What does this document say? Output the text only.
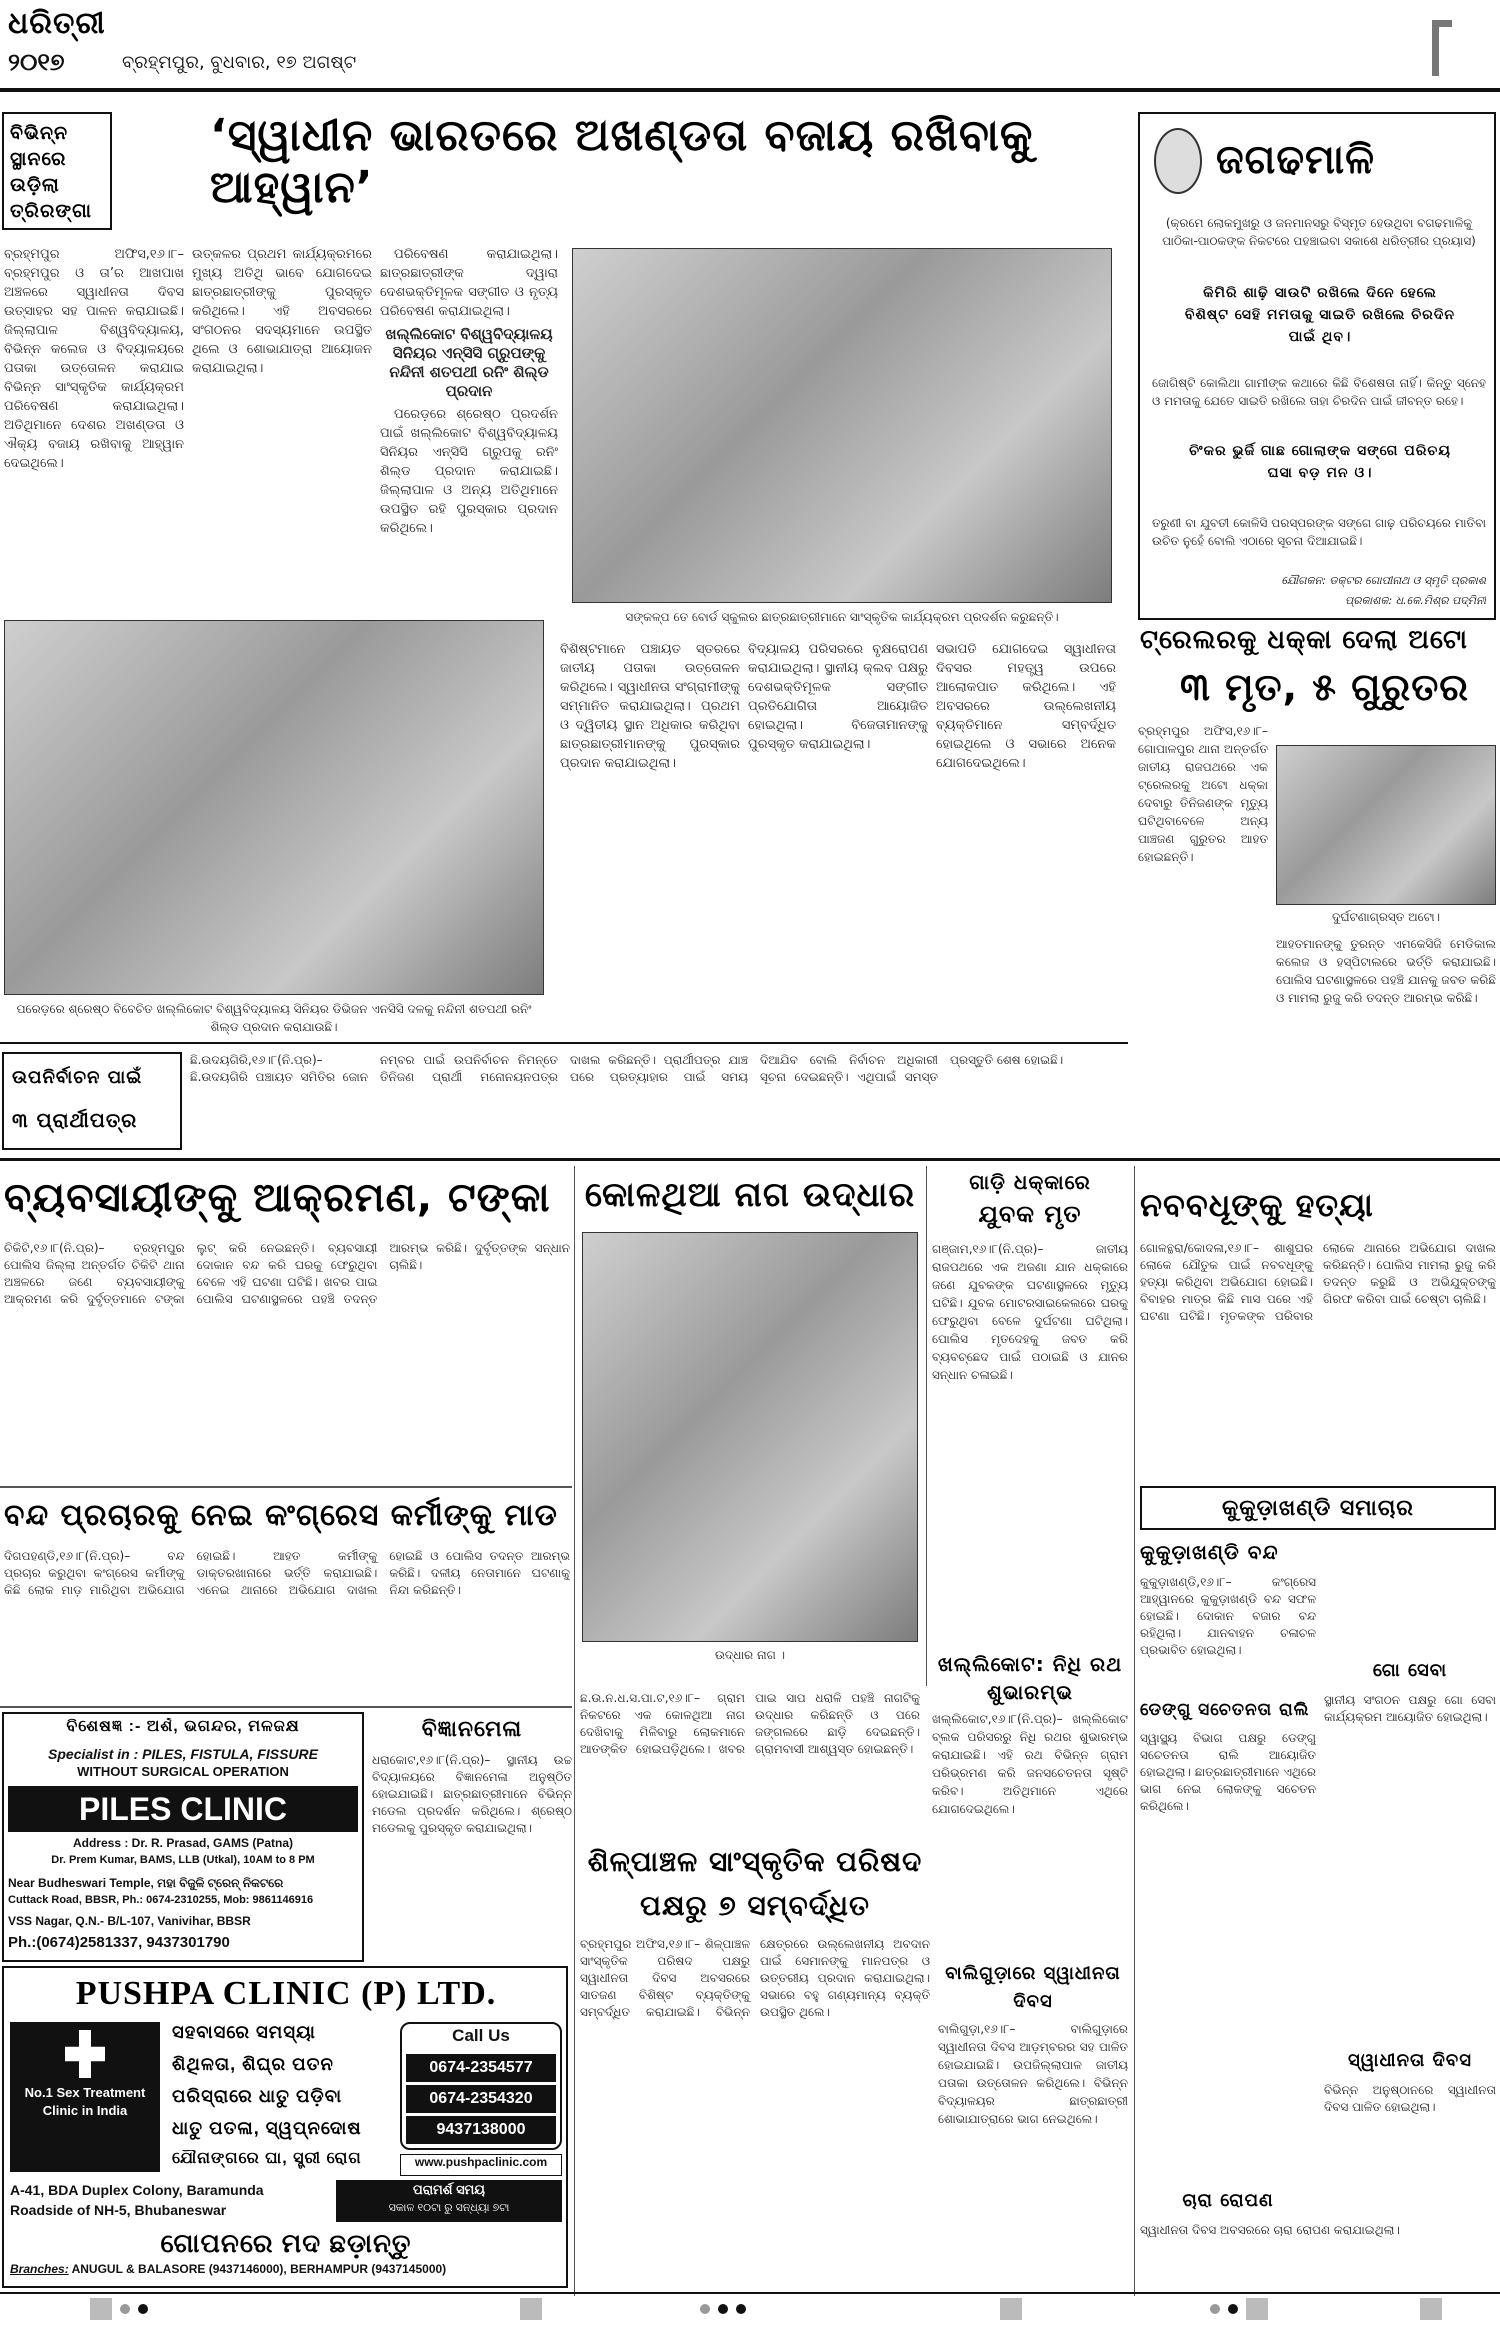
ଧରିତ୍ରୀ
୨୦୧୭	ବ୍ରହ୍ମପୁର, ବୁଧବାର, ୧୭ ଅଗଷ୍ଟ
ବିଭିନ୍ନ ସ୍ଥାନରେ ଉଡ଼ିଲା ତ୍ରିରଙ୍ଗା
‘ସ୍ୱାଧୀନ ଭାରତରେ ଅଖଣ୍ଡତା ବଜାୟ ରଖିବାକୁ ଆହ୍ୱାନ’
ବ୍ରହ୍ମପୁର ଅଫିସ,୧୬।୮– ବ୍ରହ୍ମପୁର ଓ ତା’ର ଆଖପାଖ ଅଞ୍ଚଳରେ ସ୍ୱାଧୀନତା ଦିବସ ଉତ୍ସାହର ସହ ପାଳନ କରାଯାଇଛି। ଜିଲ୍ଲାପାଳ ବିଶ୍ୱବିଦ୍ୟାଳୟ, ବିଭିନ୍ନ କଲେଜ ଓ ବିଦ୍ୟାଳୟରେ ପତାକା ଉତ୍ତୋଳନ କରାଯାଇ ବିଭିନ୍ନ ସାଂସ୍କୃତିକ କାର୍ଯ୍ୟକ୍ରମ ପରିବେଷଣ କରାଯାଇଥିଲା। ଅତିଥିମାନେ ଦେଶର ଅଖଣ୍ଡତା ଓ ଐକ୍ୟ ବଜାୟ ରଖିବାକୁ ଆହ୍ୱାନ ଦେଇଥିଲେ।
ଉତ୍କଳର ପ୍ରଥମ କାର୍ଯ୍ୟକ୍ରମରେ ମୁଖ୍ୟ ଅତିଥି ଭାବେ ଯୋଗଦେଇ ଛାତ୍ରଛାତ୍ରୀଙ୍କୁ ପୁରସ୍କୃତ କରିଥିଲେ। ଏହି ଅବସରରେ ସଂଗଠନର ସଦସ୍ୟମାନେ ଉପସ୍ଥିତ ଥିଲେ ଓ ଶୋଭାଯାତ୍ରା ଆୟୋଜନ କରାଯାଇଥିଲା।

ପରିବେଷଣ କରାଯାଇଥିଲା। ଛାତ୍ରଛାତ୍ରୀଙ୍କ ଦ୍ୱାରା ଦେଶଭକ୍ତିମୂଳକ ସଙ୍ଗୀତ ଓ ନୃତ୍ୟ ପରିବେଷଣ କରାଯାଇଥିଲା।

ଖଲ୍ଲିକୋଟ ବିଶ୍ୱବିଦ୍ୟାଳୟ ସିନିୟର ଏନ୍‌ସିସି ଗ୍ରୁପଙ୍କୁ ନନ୍ଦିନୀ ଶତପଥୀ ରନିଂ ଶିଲ୍ଡ ପ୍ରଦାନ

ପରେଡ଼ରେ ଶ୍ରେଷ୍ଠ ପ୍ରଦର୍ଶନ ପାଇଁ ଖଲ୍ଲିକୋଟ ବିଶ୍ୱବିଦ୍ୟାଳୟ ସିନିୟର ଏନ୍‌ସିସି ଗ୍ରୁପକୁ ରନିଂ ଶିଲ୍ଡ ପ୍ରଦାନ କରାଯାଇଛି। ଜିଲ୍ଲାପାଳ ଓ ଅନ୍ୟ ଅତିଥିମାନେ ଉପସ୍ଥିତ ରହି ପୁରସ୍କାର ପ୍ରଦାନ କରିଥିଲେ।

ସଙ୍କଳ୍ପ ତେ ବୋର୍ଡ ସ୍କୁଲର ଛାତ୍ରଛାତ୍ରୀମାନେ ସାଂସ୍କୃତିକ କାର୍ଯ୍ୟକ୍ରମ ପ୍ରଦର୍ଶନ କରୁଛନ୍ତି।
ପରେଡ଼ରେ ଶ୍ରେଷ୍ଠ ବିବେଚିତ ଖଲ୍ଲିକୋଟ ବିଶ୍ୱବିଦ୍ୟାଳୟ ସିନିୟର ଡିଭିଜନ ଏନସିସି ଦଳକୁ ନନ୍ଦିନୀ ଶତପଥୀ ରନିଂ ଶିଲ୍ଡ ପ୍ରଦାନ କରାଯାଉଛି।
ବିଶିଷ୍ଟମାନେ ପଞ୍ଚାୟତ ସ୍ତରରେ ଜାତୀୟ ପତାକା ଉତ୍ତୋଳନ କରିଥିଲେ। ସ୍ୱାଧୀନତା ସଂଗ୍ରାମୀଙ୍କୁ ସମ୍ମାନିତ କରାଯାଇଥିଲା। ପ୍ରଥମ ଓ ଦ୍ୱିତୀୟ ସ୍ଥାନ ଅଧିକାର କରିଥିବା ଛାତ୍ରଛାତ୍ରୀମାନଙ୍କୁ ପୁରସ୍କାର ପ୍ରଦାନ କରାଯାଇଥିଲା।
ବିଦ୍ୟାଳୟ ପରିସରରେ ବୃକ୍ଷରୋପଣ କରାଯାଇଥିଲା। ସ୍ଥାନୀୟ କ୍ଲବ ପକ୍ଷରୁ ଦେଶଭକ୍ତିମୂଳକ ସଙ୍ଗୀତ ପ୍ରତିଯୋଗିତା ଆୟୋଜିତ ହୋଇଥିଲା। ବିଜେତାମାନଙ୍କୁ ପୁରସ୍କୃତ କରାଯାଇଥିଲା।
ସଭାପତି ଯୋଗଦେଇ ସ୍ୱାଧୀନତା ଦିବସର ମହତ୍ତ୍ୱ ଉପରେ ଆଲୋକପାତ କରିଥିଲେ। ଏହି ଅବସରରେ ଉଲ୍ଲେଖନୀୟ ବ୍ୟକ୍ତିମାନେ ସମ୍ବର୍ଦ୍ଧିତ ହୋଇଥିଲେ ଓ ସଭାରେ ଅନେକ ଯୋଗଦେଇଥିଲେ।
ଜଗଢମାଳି
(କ୍ରମେ ଲୋକମୁଖରୁ ଓ ଜନମାନସରୁ ବିସ୍ମୃତ ହେଉଥିବା ବଗଢମାଳିକୁ ପାଠିକା-ପାଠକଙ୍କ ନିକଟରେ ପହଞ୍ଚାଇବା ସକାଶେ ଧରିତ୍ରୀର ପ୍ରୟାସ)
କିମିରି ଶାଢ଼ି ସାଉଟି ରଖିଲେ ଦିନେ ହେଲେ ବିଶିଷ୍ଟ ସେହି ମମତାକୁ ସାଇତି ରଖିଲେ ଚିରଦିନ ପାଇଁ ଥିବ।
ଜୋଗିଷ୍ଟି କୋଲିଥା ଗାମୀଙ୍କ କଥାରେ କିଛି ବିଶେଷତା ନାହିଁ। କିନ୍ତୁ ସ୍ନେହ ଓ ମମତାକୁ ଯେତେ ସାଇତି ରଖିଲେ ତାହା ଚିରଦିନ ପାଇଁ ଜୀବନ୍ତ ରହେ।
ଚିଂକର ଭୁର୍ଜି ଗାଛ ଗୋଲାଙ୍କ ସଙ୍ଗେ ପରିଚୟ ଘସା ବଡ଼ ମନ ଓ।
ତରୁଣୀ ବା ଯୁବତୀ କୋଳିସି ପରସ୍ପରଙ୍କ ସଙ୍ଗେ ଗାଢ଼ ପରିଚୟରେ ମାତିବା ଉଚିତ ନୁହେଁ ବୋଲି ଏଠାରେ ସୂଚନା ଦିଆଯାଇଛି।
ଯୌଗକନ: ଡକ୍ଟର ଗୋପୀନାଥ ଓ ସ୍ମୃତି ପ୍ରକାଶ
ପ୍ରକାଶକ: ଧ.କେ.ମିଶ୍ର ପଦ୍ମିନୀ
ଟ୍ରେଲରକୁ ଧକ୍କା ଦେଲା ଅଟୋ
୩ ମୃତ, ୫ ଗୁରୁତର
ବ୍ରହ୍ମପୁର ଅଫିସ,୧୬।୮– ଗୋପାଳପୁର ଥାନା ଅନ୍ତର୍ଗତ ଜାତୀୟ ରାଜପଥରେ ଏକ ଟ୍ରେଲରକୁ ଅଟୋ ଧକ୍କା ଦେବାରୁ ତିନିଜଣଙ୍କ ମୃତ୍ୟୁ ଘଟିଥିବାବେଳେ ଅନ୍ୟ ପାଞ୍ଚଜଣ ଗୁରୁତର ଆହତ ହୋଇଛନ୍ତି।
ଦୁର୍ଘଟଣାଗ୍ରସ୍ତ ଅଟୋ।
ଆହତମାନଙ୍କୁ ତୁରନ୍ତ ଏମକେସିଜି ମେଡିକାଲ କଲେଜ ଓ ହସ୍ପିଟାଲରେ ଭର୍ତ୍ତି କରାଯାଇଛି। ପୋଲିସ ଘଟଣାସ୍ଥଳରେ ପହଞ୍ଚି ଯାନକୁ ଜବତ କରିଛି ଓ ମାମଲା ରୁଜୁ କରି ତଦନ୍ତ ଆରମ୍ଭ କରିଛି।
ଉପନିର୍ବାଚନ ପାଇଁ
୩ ପ୍ରାର୍ଥୀପତ୍ର
ଛି.ଉଦୟଗିରି,୧୬।୮(ନି.ପ୍ର)– ଛି.ଉଦୟଗିରି ପଞ୍ଚାୟତ ସମିତିର ଜୋନ ନମ୍ବର ପାଇଁ ଉପନିର୍ବାଚନ ନିମନ୍ତେ ତିନିଜଣ ପ୍ରାର୍ଥୀ ମନୋନୟନପତ୍ର ଦାଖଲ କରିଛନ୍ତି। ପ୍ରାର୍ଥୀପତ୍ର ଯାଞ୍ଚ ପରେ ପ୍ରତ୍ୟାହାର ପାଇଁ ସମୟ ଦିଆଯିବ ବୋଲି ନିର୍ବାଚନ ଅଧିକାରୀ ସୂଚନା ଦେଇଛନ୍ତି। ଏଥିପାଇଁ ସମସ୍ତ ପ୍ରସ୍ତୁତି ଶେଷ ହୋଇଛି।
ବ୍ୟବସାୟୀଙ୍କୁ ଆକ୍ରମଣ, ଟଙ୍କା
ଚିକିଟି,୧୬।୮(ନି.ପ୍ର)– ବ୍ରହ୍ମପୁର ପୋଲିସ ଜିଲ୍ଲା ଅନ୍ତର୍ଗତ ଚିକିଟି ଥାନା ଅଞ୍ଚଳରେ ଜଣେ ବ୍ୟବସାୟୀଙ୍କୁ ଆକ୍ରମଣ କରି ଦୁର୍ବୃତ୍ତମାନେ ଟଙ୍କା ଲୁଟ୍ କରି ନେଇଛନ୍ତି। ବ୍ୟବସାୟୀ ଦୋକାନ ବନ୍ଦ କରି ଘରକୁ ଫେରୁଥିବା ବେଳେ ଏହି ଘଟଣା ଘଟିଛି। ଖବର ପାଇ ପୋଲିସ ଘଟଣାସ୍ଥଳରେ ପହଞ୍ଚି ତଦନ୍ତ ଆରମ୍ଭ କରିଛି। ଦୁର୍ବୃତ୍ତଙ୍କ ସନ୍ଧାନ ଚାଲିଛି।
ବନ୍ଦ ପ୍ରଚାରକୁ ନେଇ କଂଗ୍ରେସ କର୍ମୀଙ୍କୁ ମାଡ
ଦିଗପହଣ୍ଡି,୧୬।୮(ନି.ପ୍ର)– ବନ୍ଦ ପ୍ରଚାର କରୁଥିବା କଂଗ୍ରେସ କର୍ମୀଙ୍କୁ କିଛି ଲୋକ ମାଡ଼ ମାରିଥିବା ଅଭିଯୋଗ ହୋଇଛି। ଆହତ କର୍ମୀଙ୍କୁ ଡାକ୍ତରଖାନାରେ ଭର୍ତ୍ତି କରାଯାଇଛି। ଏନେଇ ଥାନାରେ ଅଭିଯୋଗ ଦାଖଲ ହୋଇଛି ଓ ପୋଲିସ ତଦନ୍ତ ଆରମ୍ଭ କରିଛି। ଦଳୀୟ ନେତାମାନେ ଘଟଣାକୁ ନିନ୍ଦା କରିଛନ୍ତି।
ବିଶେଷଜ୍ଞ :- ଅର୍ଶ, ଭଗନ୍ଦର, ମଳଜକ୍ଷ
Specialist in : PILES, FISTULA, FISSURE
WITHOUT SURGICAL OPERATION
PILES CLINIC
Address : Dr. R. Prasad, GAMS (Patna)
Dr. Prem Kumar, BAMS, LLB (Utkal), 10AM to 8 PM
Near Budheswari Temple, ମହା ବିଜୁଳି ଟ୍ରେନ୍ ନିକଟରେ
Cuttack Road, BBSR, Ph.: 0674-2310255, Mob: 9861146916
VSS Nagar, Q.N.- B/L-107, Vanivihar, BBSR
Ph.:(0674)2581337, 9437301790
ବିଜ୍ଞାନମେଳା
ଧରାକୋଟ,୧୬।୮(ନି.ପ୍ର)– ସ୍ଥାନୀୟ ଉଚ୍ଚ ବିଦ୍ୟାଳୟରେ ବିଜ୍ଞାନମେଳା ଅନୁଷ୍ଠିତ ହୋଇଯାଇଛି। ଛାତ୍ରଛାତ୍ରୀମାନେ ବିଭିନ୍ନ ମଡେଲ ପ୍ରଦର୍ଶନ କରିଥିଲେ। ଶ୍ରେଷ୍ଠ ମଡେଲକୁ ପୁରସ୍କୃତ କରାଯାଇଥିଲା।
PUSHPA CLINIC (P) LTD.
No.1 Sex Treatment Clinic in India
ସହବାସରେ ସମସ୍ୟା
ଶିଥିଳତା, ଶିଘ୍ର ପତନ
ପରିସ୍ରାରେ ଧାତୁ ପଡ଼ିବା
ଧାତୁ ପତଳା, ସ୍ୱପ୍ନଦୋଷ
ଯୌନାଙ୍ଗରେ ଘା, ସ୍ତ୍ରୀ ରୋଗ
Call Us
0674-2354577
0674-2354320
9437138000
www.pushpaclinic.com
A-41, BDA Duplex Colony, Baramunda
Roadside of NH-5, Bhubaneswar
ପରାମର୍ଶ ସମୟ
ସକାଳ ୧୦ଟା ରୁ ସନ୍ଧ୍ୟା ୭ଟା
ଗୋପନରେ ମଦ ଛଡ଼ାନ୍ତୁ
Branches: ANUGUL & BALASORE (9437146000), BERHAMPUR (9437145000)
କୋଳଥିଆ ନାଗ ଉଦ୍ଧାର
ଉଦ୍ଧାର ନାଗ ।
ଛ.ଉ.ନ.ଧ.ସ.ପା.ଟ,୧୬।୮– ଗ୍ରାମ ନିକଟରେ ଏକ କୋଳଥିଆ ନାଗ ଦେଖିବାକୁ ମିଳିବାରୁ ଲୋକମାନେ ଆତଙ୍କିତ ହୋଇପଡ଼ିଥିଲେ। ଖବର ପାଇ ସାପ ଧରାଳି ପହଞ୍ଚି ନାଗଟିକୁ ଉଦ୍ଧାର କରିଛନ୍ତି ଓ ପରେ ଜଙ୍ଗଲରେ ଛାଡ଼ି ଦେଇଛନ୍ତି। ଗ୍ରାମବାସୀ ଆଶ୍ୱସ୍ତ ହୋଇଛନ୍ତି।
ଗାଡ଼ି ଧକ୍କାରେ
ଯୁବକ ମୃତ
ଗଞ୍ଜାମ,୧୬।୮(ନି.ପ୍ର)– ଜାତୀୟ ରାଜପଥରେ ଏକ ଅଜଣା ଯାନ ଧକ୍କାରେ ଜଣେ ଯୁବକଙ୍କ ଘଟଣାସ୍ଥଳରେ ମୃତ୍ୟୁ ଘଟିଛି। ଯୁବକ ମୋଟରସାଇକେଲରେ ଘରକୁ ଫେରୁଥିବା ବେଳେ ଦୁର୍ଘଟଣା ଘଟିଥିଲା। ପୋଲିସ ମୃତଦେହକୁ ଜବତ କରି ବ୍ୟବଚ୍ଛେଦ ପାଇଁ ପଠାଇଛି ଓ ଯାନର ସନ୍ଧାନ ଚଳାଇଛି।
ଖଲ୍ଲିକୋଟ: ନିଧି ରଥ ଶୁଭାରମ୍ଭ
ଖଲ୍ଲିକୋଟ,୧୬।୮(ନି.ପ୍ର)– ଖଲ୍ଲିକୋଟ ବ୍ଲକ ପରିସରରୁ ନିଧି ରଥର ଶୁଭାରମ୍ଭ କରାଯାଇଛି। ଏହି ରଥ ବିଭିନ୍ନ ଗ୍ରାମ ପରିଭ୍ରମଣ କରି ଜନସଚେତନତା ସୃଷ୍ଟି କରିବ। ଅତିଥିମାନେ ଏଥିରେ ଯୋଗଦେଇଥିଲେ।
ଶିଳ୍ପାଞ୍ଚଳ ସାଂସ୍କୃତିକ ପରିଷଦ ପକ୍ଷରୁ ୭ ସମ୍ବର୍ଦ୍ଧିତ
ବ୍ରହ୍ମପୁର ଅଫିସ,୧୬।୮– ଶିଳ୍ପାଞ୍ଚଳ ସାଂସ୍କୃତିକ ପରିଷଦ ପକ୍ଷରୁ ସ୍ୱାଧୀନତା ଦିବସ ଅବସରରେ ସାତଜଣ ବିଶିଷ୍ଟ ବ୍ୟକ୍ତିଙ୍କୁ ସମ୍ବର୍ଦ୍ଧିତ କରାଯାଇଛି। ବିଭିନ୍ନ କ୍ଷେତ୍ରରେ ଉଲ୍ଲେଖନୀୟ ଅବଦାନ ପାଇଁ ସେମାନଙ୍କୁ ମାନପତ୍ର ଓ ଉତ୍ତରୀୟ ପ୍ରଦାନ କରାଯାଇଥିଲା। ସଭାରେ ବହୁ ଗଣ୍ୟମାନ୍ୟ ବ୍ୟକ୍ତି ଉପସ୍ଥିତ ଥିଲେ।
ବାଲିଗୁଡ଼ାରେ ସ୍ୱାଧୀନତା ଦିବସ
ବାଲିଗୁଡ଼ା,୧୬।୮– ବାଲିଗୁଡ଼ାରେ ସ୍ୱାଧୀନତା ଦିବସ ଆଡ଼ମ୍ବରର ସହ ପାଳିତ ହୋଇଯାଇଛି। ଉପଜିଲ୍ଲାପାଳ ଜାତୀୟ ପତାକା ଉତ୍ତୋଳନ କରିଥିଲେ। ବିଭିନ୍ନ ବିଦ୍ୟାଳୟର ଛାତ୍ରଛାତ୍ରୀ ଶୋଭାଯାତ୍ରାରେ ଭାଗ ନେଇଥିଲେ।
ନବବଧୂଙ୍କୁ ହତ୍ୟା
ଗୋଳନ୍ଥରା/କୋଦଳା,୧୬।୮– ଶାଶୁଘର ଲୋକେ ଯୌତୁକ ପାଇଁ ନବବଧୂଙ୍କୁ ହତ୍ୟା କରିଥିବା ଅଭିଯୋଗ ହୋଇଛି। ବିବାହର ମାତ୍ର କିଛି ମାସ ପରେ ଏହି ଘଟଣା ଘଟିଛି। ମୃତକଙ୍କ ପରିବାର ଲୋକେ ଥାନାରେ ଅଭିଯୋଗ ଦାଖଲ କରିଛନ୍ତି। ପୋଲିସ ମାମଲା ରୁଜୁ କରି ତଦନ୍ତ କରୁଛି ଓ ଅଭିଯୁକ୍ତଙ୍କୁ ଗିରଫ କରିବା ପାଇଁ ଚେଷ୍ଟା ଚାଲିଛି।
କୁକୁଡ଼ାଖଣ୍ଡି ସମାଚାର
କୁକୁଡ଼ାଖଣ୍ଡି ବନ୍ଦ
କୁକୁଡ଼ାଖଣ୍ଡି,୧୬।୮– କଂଗ୍ରେସ ଆହ୍ୱାନରେ କୁକୁଡ଼ାଖଣ୍ଡି ବନ୍ଦ ସଫଳ ହୋଇଛି। ଦୋକାନ ବଜାର ବନ୍ଦ ରହିଥିଲା। ଯାନବାହନ ଚଳାଚଳ ପ୍ରଭାବିତ ହୋଇଥିଲା।
ଡେଙ୍ଗୁ ସଚେତନତା ରାଲି
ସ୍ୱାସ୍ଥ୍ୟ ବିଭାଗ ପକ୍ଷରୁ ଡେଙ୍ଗୁ ସଚେତନତା ରାଲି ଆୟୋଜିତ ହୋଇଥିଲା। ଛାତ୍ରଛାତ୍ରୀମାନେ ଏଥିରେ ଭାଗ ନେଇ ଲୋକଙ୍କୁ ସଚେତନ କରିଥିଲେ।
ଗୋ ସେବା
ସ୍ଥାନୀୟ ସଂଗଠନ ପକ୍ଷରୁ ଗୋ ସେବା କାର୍ଯ୍ୟକ୍ରମ ଆୟୋଜିତ ହୋଇଥିଲା।
ସ୍ୱାଧୀନତା ଦିବସ
ବିଭିନ୍ନ ଅନୁଷ୍ଠାନରେ ସ୍ୱାଧୀନତା ଦିବସ ପାଳିତ ହୋଇଥିଲା।
ଚାରା ରୋପଣ
ସ୍ୱାଧୀନତା ଦିବସ ଅବସରରେ ଚାରା ରୋପଣ କରାଯାଇଥିଲା।
